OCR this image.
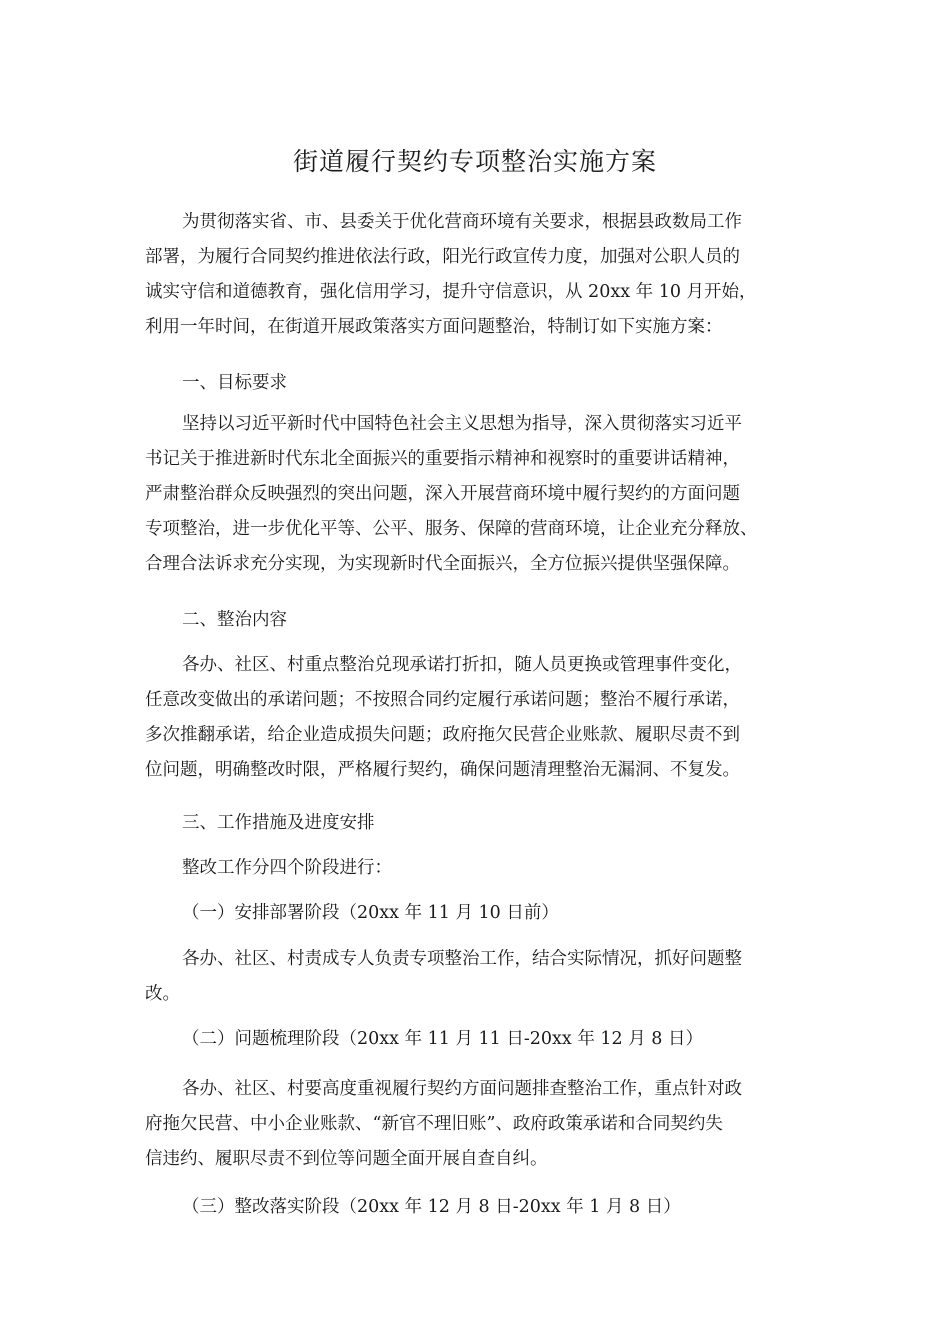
街道履行契约专项整治实施方案
为贯彻落实省、市、县委关于优化营商环境有关要求，根据县政数局工作
部署，为履行合同契约推进依法行政，阳光行政宣传力度，加强对公职人员的
诚实守信和道德教育，强化信用学习，提升守信意识，从 20xx 年 10 月开始，
利用一年时间，在街道开展政策落实方面问题整治，特制订如下实施方案：
一、目标要求
坚持以习近平新时代中国特色社会主义思想为指导，深入贯彻落实习近平
书记关于推进新时代东北全面振兴的重要指示精神和视察时的重要讲话精神，
严肃整治群众反映强烈的突出问题，深入开展营商环境中履行契约的方面问题
专项整治，进一步优化平等、公平、服务、保障的营商环境，让企业充分释放、
合理合法诉求充分实现，为实现新时代全面振兴，全方位振兴提供坚强保障。
二、整治内容
各办、社区、村重点整治兑现承诺打折扣，随人员更换或管理事件变化，
任意改变做出的承诺问题；不按照合同约定履行承诺问题；整治不履行承诺，
多次推翻承诺，给企业造成损失问题；政府拖欠民营企业账款、履职尽责不到
位问题，明确整改时限，严格履行契约，确保问题清理整治无漏洞、不复发。
三、工作措施及进度安排
整改工作分四个阶段进行：
（一）安排部署阶段（20xx 年 11 月 10 日前）
各办、社区、村责成专人负责专项整治工作，结合实际情况，抓好问题整
改。
（二）问题梳理阶段（20xx 年 11 月 11 日-20xx 年 12 月 8 日）
各办、社区、村要高度重视履行契约方面问题排查整治工作，重点针对政
府拖欠民营、中小企业账款、“新官不理旧账”、政府政策承诺和合同契约失
信违约、履职尽责不到位等问题全面开展自查自纠。
（三）整改落实阶段（20xx 年 12 月 8 日-20xx 年 1 月 8 日）
